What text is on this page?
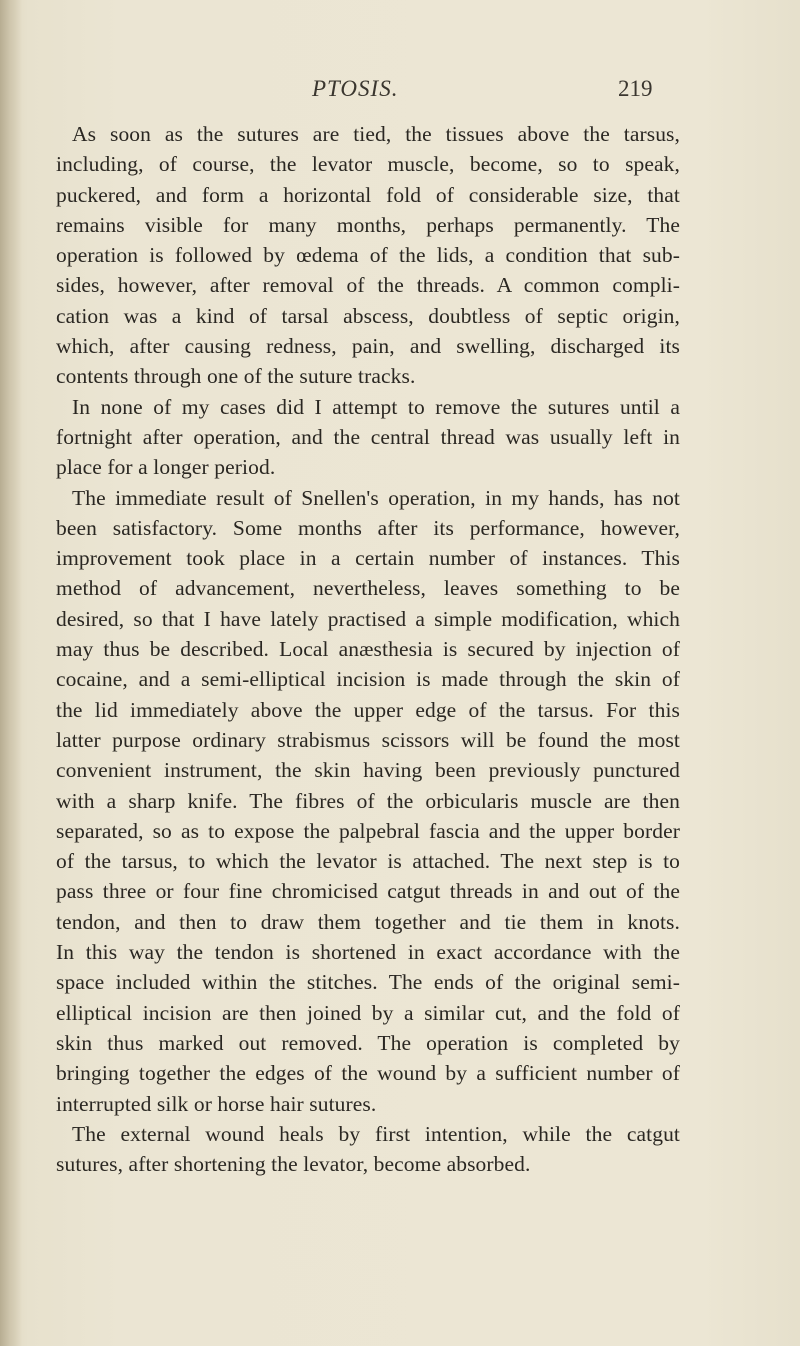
PTOSIS.	219
As soon as the sutures are tied, the tissues above the tarsus,
including, of course, the levator muscle, become, so to speak,
puckered, and form a horizontal fold of considerable size, that
remains visible for many months, perhaps permanently. The
operation is followed by œdema of the lids, a condition that sub-
sides, however, after removal of the threads. A common compli-
cation was a kind of tarsal abscess, doubtless of septic origin,
which, after causing redness, pain, and swelling, discharged its
contents through one of the suture tracks.
In none of my cases did I attempt to remove the sutures until a
fortnight after operation, and the central thread was usually left in
place for a longer period.
The immediate result of Snellen's operation, in my hands, has not
been satisfactory. Some months after its performance, however,
improvement took place in a certain number of instances. This
method of advancement, nevertheless, leaves something to be
desired, so that I have lately practised a simple modification, which
may thus be described. Local anæsthesia is secured by injection of
cocaine, and a semi-elliptical incision is made through the skin of
the lid immediately above the upper edge of the tarsus. For this
latter purpose ordinary strabismus scissors will be found the most
convenient instrument, the skin having been previously punctured
with a sharp knife. The fibres of the orbicularis muscle are then
separated, so as to expose the palpebral fascia and the upper border
of the tarsus, to which the levator is attached. The next step is to
pass three or four fine chromicised catgut threads in and out of the
tendon, and then to draw them together and tie them in knots.
In this way the tendon is shortened in exact accordance with the
space included within the stitches. The ends of the original semi-
elliptical incision are then joined by a similar cut, and the fold of
skin thus marked out removed. The operation is completed by
bringing together the edges of the wound by a sufficient number of
interrupted silk or horse hair sutures.
The external wound heals by first intention, while the catgut
sutures, after shortening the levator, become absorbed.
